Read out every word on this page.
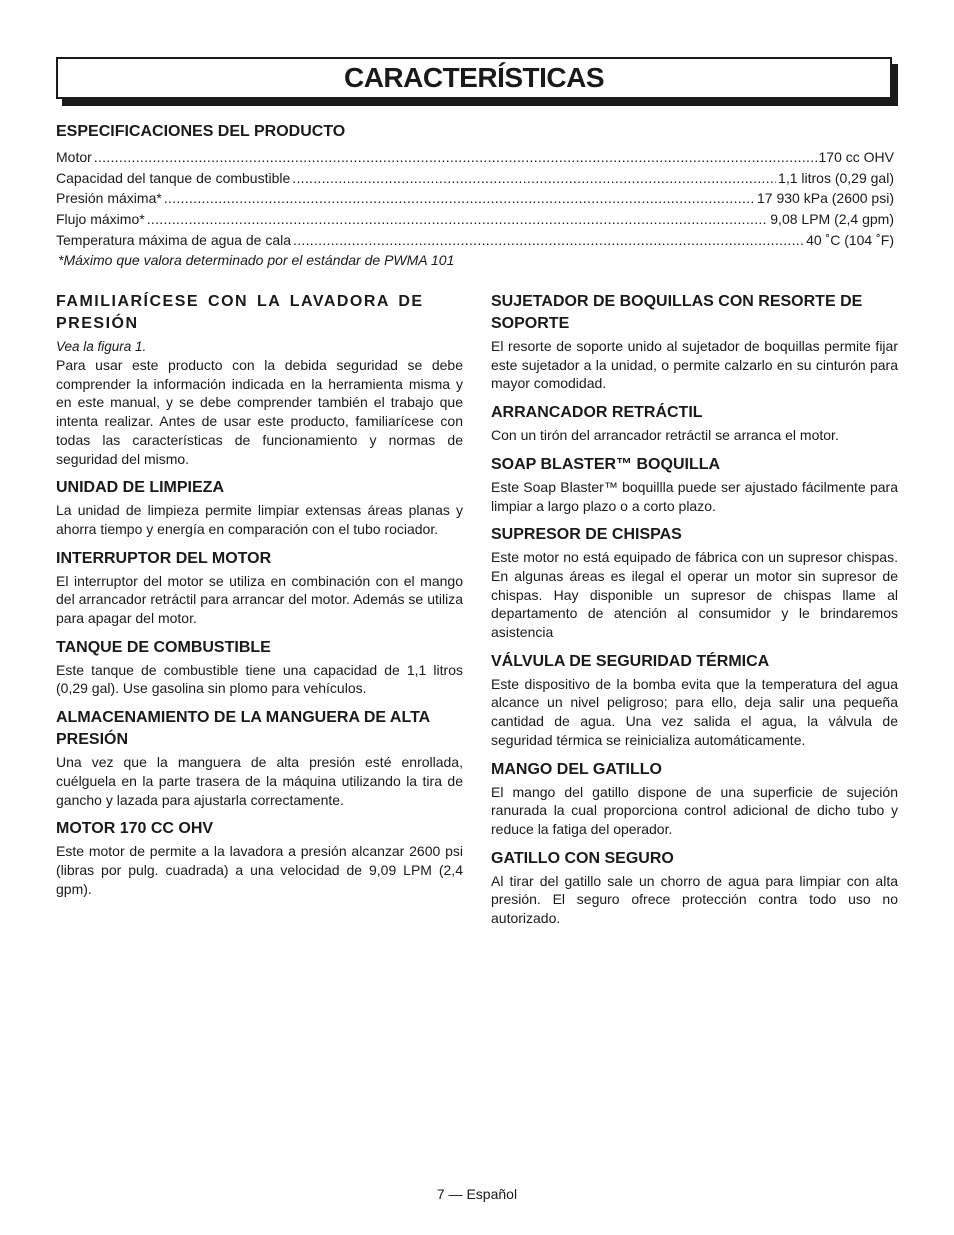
CARACTERÍSTICAS
ESPECIFICACIONES DEL PRODUCTO
Motor .....	170 cc OHV
Capacidad del tanque de combustible .....	1,1 litros (0,29 gal)
Presión máxima* .....	17 930 kPa (2600 psi)
Flujo máximo* .....	9,08 LPM (2,4 gpm)
Temperatura máxima de agua de cala .....	40 ˚C (104 ˚F)

*Máximo que valora determinado por el estándar de PWMA 101

FAMILIARÍCESE CON LA LAVADORA DE PRESIÓN

Vea la figura 1.

Para usar este producto con la debida seguridad se debe comprender la información indicada en la herramienta misma y en este manual, y se debe comprender también el trabajo que intenta realizar. Antes de usar este producto, familiarícese con todas las características de funcionamiento y normas de seguridad del mismo.

UNIDAD DE LIMPIEZA

La unidad de limpieza permite limpiar extensas áreas planas y ahorra tiempo y energía en comparación con el tubo rociador.

INTERRUPTOR DEL MOTOR

El interruptor del motor se utiliza en combinación con el mango del arrancador retráctil para arrancar del motor. Además se utiliza para apagar del motor.

TANQUE DE COMBUSTIBLE

Este tanque de combustible tiene una capacidad de 1,1 litros (0,29 gal). Use gasolina sin plomo para vehículos.

ALMACENAMIENTO DE LA MANGUERA DE ALTA PRESIÓN

Una vez que la manguera de alta presión esté enrollada, cuélguela en la parte trasera de la máquina utilizando la tira de gancho y lazada para ajustarla correctamente.

MOTOR 170 CC OHV

Este motor de permite a la lavadora a presión alcanzar 2600 psi (libras por pulg. cuadrada) a una velocidad de 9,09 LPM (2,4 gpm).

SUJETADOR DE BOQUILLAS CON RESORTE DE SOPORTE

El resorte de soporte unido al sujetador de boquillas permite fijar este sujetador a la unidad, o permite calzarlo en su cinturón para mayor comodidad.

ARRANCADOR RETRÁCTIL

Con un tirón del arrancador retráctil se arranca el motor.

SOAP BLASTER™ BOQUILLA

Este Soap Blaster™ boquillla puede ser ajustado fácilmente para limpiar a largo plazo o a corto plazo.

SUPRESOR DE CHISPAS

Este motor no está equipado de fábrica con un supresor chispas. En algunas áreas es ilegal el operar un motor sin supresor de chispas. Hay disponible un supresor de chispas llame al departamento de atención al consumidor y le brindaremos asistencia

VÁLVULA DE SEGURIDAD TÉRMICA

Este dispositivo de la bomba evita que la temperatura del agua alcance un nivel peligroso; para ello, deja salir una pequeña cantidad de agua. Una vez salida el agua, la válvula de seguridad térmica se reinicializa automáticamente.

MANGO DEL GATILLO

El mango del gatillo dispone de una superficie de sujeción ranurada la cual proporciona control adicional de dicho tubo y reduce la fatiga del operador.

GATILLO CON SEGURO

Al tirar del gatillo sale un chorro de agua para limpiar con alta presión. El seguro ofrece protección contra todo uso no autorizado.

7 — Español
